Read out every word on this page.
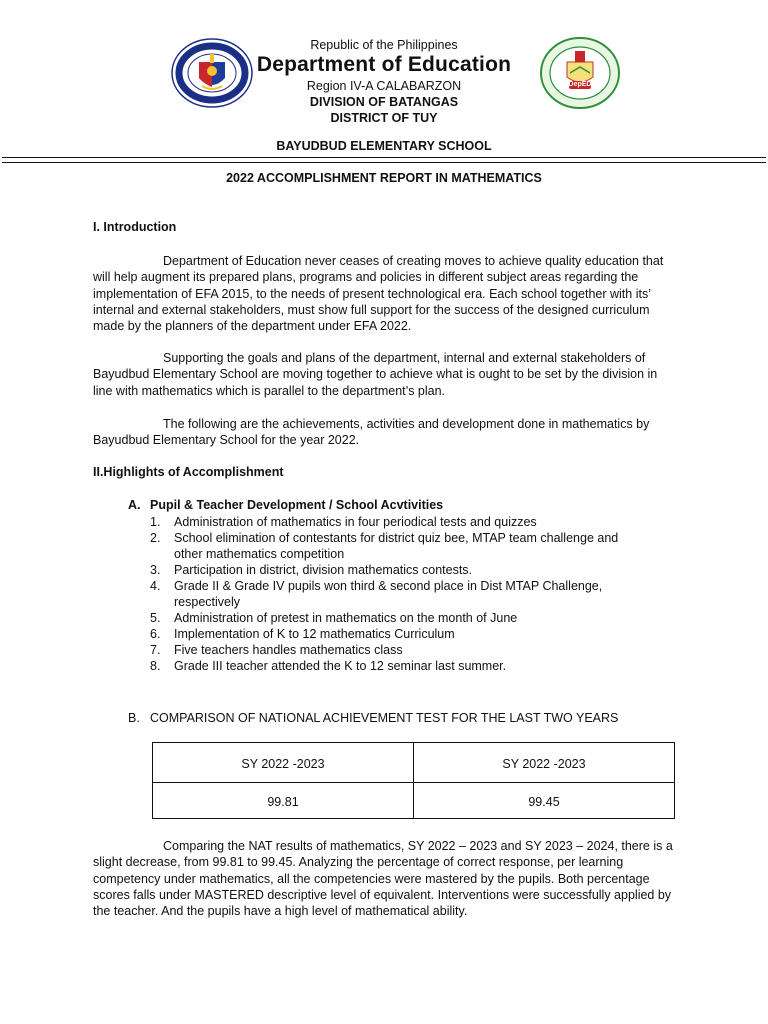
DepED
Republic of the Philippines
Department of Education
Region IV-A CALABARZON
DIVISION OF BATANGAS
DISTRICT OF TUY
BAYUDBUD ELEMENTARY SCHOOL
2022 ACCOMPLISHMENT REPORT IN MATHEMATICS
I. Introduction

Department of Education never ceases of creating moves to achieve quality education that will help augment its prepared plans, programs and policies in different subject areas regarding the implementation of EFA 2015, to the needs of present technological era. Each school together with its’ internal and external stakeholders, must show full support for the success of the designed curriculum made by the planners of the department under EFA 2022.

Supporting the goals and plans of the department, internal and external stakeholders of Bayudbud Elementary School are moving together to achieve what is ought to be set by the division in line with mathematics which is parallel to the department’s plan.

The following are the achievements, activities and development done in mathematics by Bayudbud Elementary School for the year 2022.

II.Highlights of Accomplishment
A. Pupil & Teacher Development / School Acvtivities
1. Administration of mathematics in four periodical tests and quizzes
2. School elimination of contestants for district quiz bee, MTAP team challenge and other mathematics competition
3. Participation in district, division mathematics contests.
4. Grade II & Grade IV pupils won third & second place in Dist MTAP Challenge, respectively
5. Administration of pretest in mathematics on the month of June
6. Implementation of K to 12 mathematics Curriculum
7. Five teachers handles mathematics class
8. Grade III teacher attended the K to 12 seminar last summer.
B. COMPARISON OF NATIONAL ACHIEVEMENT TEST FOR THE LAST TWO YEARS
SY 2022 -2023	SY 2022 -2023
99.81	99.45

Comparing the NAT results of mathematics, SY 2022 – 2023 and SY 2023 – 2024, there is a slight decrease, from 99.81 to 99.45. Analyzing the percentage of correct response, per learning competency under mathematics, all the competencies were mastered by the pupils. Both percentage scores falls under MASTERED descriptive level of equivalent. Interventions were successfully applied by the teacher. And the pupils have a high level of mathematical ability.
